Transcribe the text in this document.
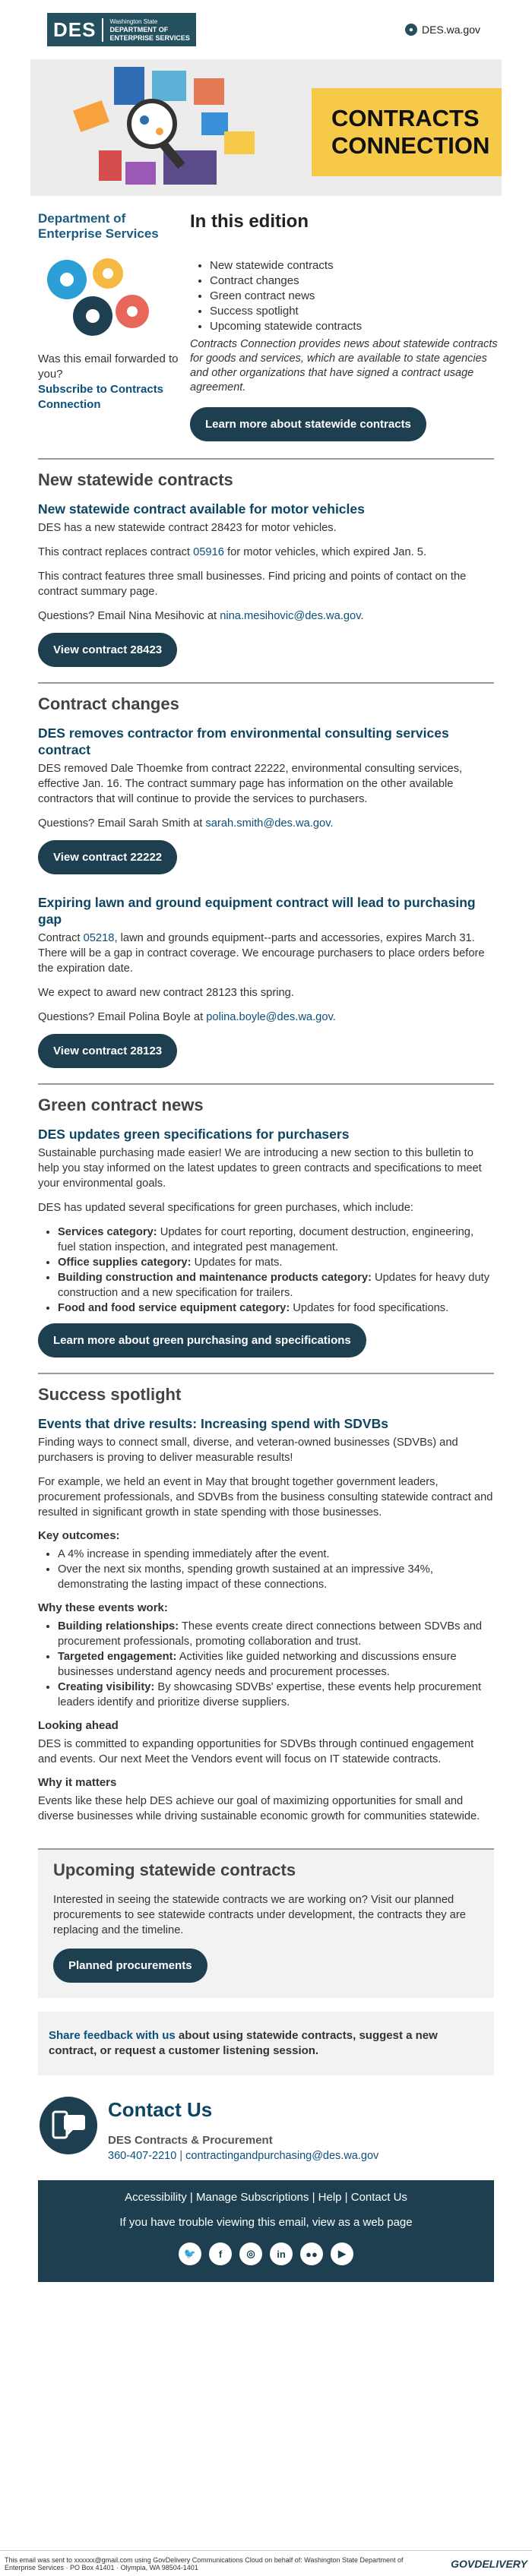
DES	Washington State
DEPARTMENT OF
ENTERPRISE SERVICES
● DES.wa.gov
CONTRACTS
CONNECTION
Department of Enterprise Services

Was this email forwarded to you?

Subscribe to Contracts Connection
In this edition
• New statewide contracts
• Contract changes
• Green contract news
• Success spotlight
• Upcoming statewide contracts

Contracts Connection provides news about statewide contracts for goods and services, which are available to state agencies and other organizations that have signed a contract usage agreement.

Learn more about statewide contracts
New statewide contracts
New statewide contract available for motor vehicles

DES has a new statewide contract 28423 for motor vehicles.

This contract replaces contract 05916 for motor vehicles, which expired Jan. 5.

This contract features three small businesses. Find pricing and points of contact on the contract summary page.

Questions? Email Nina Mesihovic at nina.mesihovic@des.wa.gov.

View contract 28423
Contract changes
DES removes contractor from environmental consulting services contract

DES removed Dale Thoemke from contract 22222, environmental consulting services, effective Jan. 16. The contract summary page has information on the other available contractors that will continue to provide the services to purchasers.

Questions? Email Sarah Smith at sarah.smith@des.wa.gov.

View contract 22222
Expiring lawn and ground equipment contract will lead to purchasing gap

Contract 05218, lawn and grounds equipment--parts and accessories, expires March 31. There will be a gap in contract coverage. We encourage purchasers to place orders before the expiration date.

We expect to award new contract 28123 this spring.

Questions? Email Polina Boyle at polina.boyle@des.wa.gov.

View contract 28123
Green contract news
DES updates green specifications for purchasers

Sustainable purchasing made easier! We are introducing a new section to this bulletin to help you stay informed on the latest updates to green contracts and specifications to meet your environmental goals.

DES has updated several specifications for green purchases, which include:

• Services category: Updates for court reporting, document destruction, engineering, fuel station inspection, and integrated pest management.
• Office supplies category: Updates for mats.
• Building construction and maintenance products category: Updates for heavy duty construction and a new specification for trailers.
• Food and food service equipment category: Updates for food specifications.
Learn more about green purchasing and specifications
Success spotlight
Events that drive results: Increasing spend with SDVBs

Finding ways to connect small, diverse, and veteran-owned businesses (SDVBs) and purchasers is proving to deliver measurable results!

For example, we held an event in May that brought together government leaders, procurement professionals, and SDVBs from the business consulting statewide contract and resulted in significant growth in state spending with those businesses.

Key outcomes:
• A 4% increase in spending immediately after the event.
• Over the next six months, spending growth sustained at an impressive 34%, demonstrating the lasting impact of these connections.
Why these events work:
• Building relationships: These events create direct connections between SDVBs and procurement professionals, promoting collaboration and trust.
• Targeted engagement: Activities like guided networking and discussions ensure businesses understand agency needs and procurement processes.
• Creating visibility: By showcasing SDVBs' expertise, these events help procurement leaders identify and prioritize diverse suppliers.
Looking ahead

DES is committed to expanding opportunities for SDVBs through continued engagement and events. Our next Meet the Vendors event will focus on IT statewide contracts.

Why it matters

Events like these help DES achieve our goal of maximizing opportunities for small and diverse businesses while driving sustainable economic growth for communities statewide.

Upcoming statewide contracts

Interested in seeing the statewide contracts we are working on? Visit our planned procurements to see statewide contracts under development, the contracts they are replacing and the timeline.

Planned procurements
Share feedback with us about using statewide contracts, suggest a new contract, or request a customer listening session.
Contact Us
DES Contracts & Procurement
360-407-2210 | contractingandpurchasing@des.wa.gov
Accessibility | Manage Subscriptions | Help | Contact Us
If you have trouble viewing this email, view as a web page
🐦	f	◎	in	●●	▶
This email was sent to xxxxxx@gmail.com using GovDelivery Communications Cloud on behalf of: Washington State Department of Enterprise Services · PO Box 41401 · Olympia, WA 98504-1401	GOVDELIVERY
